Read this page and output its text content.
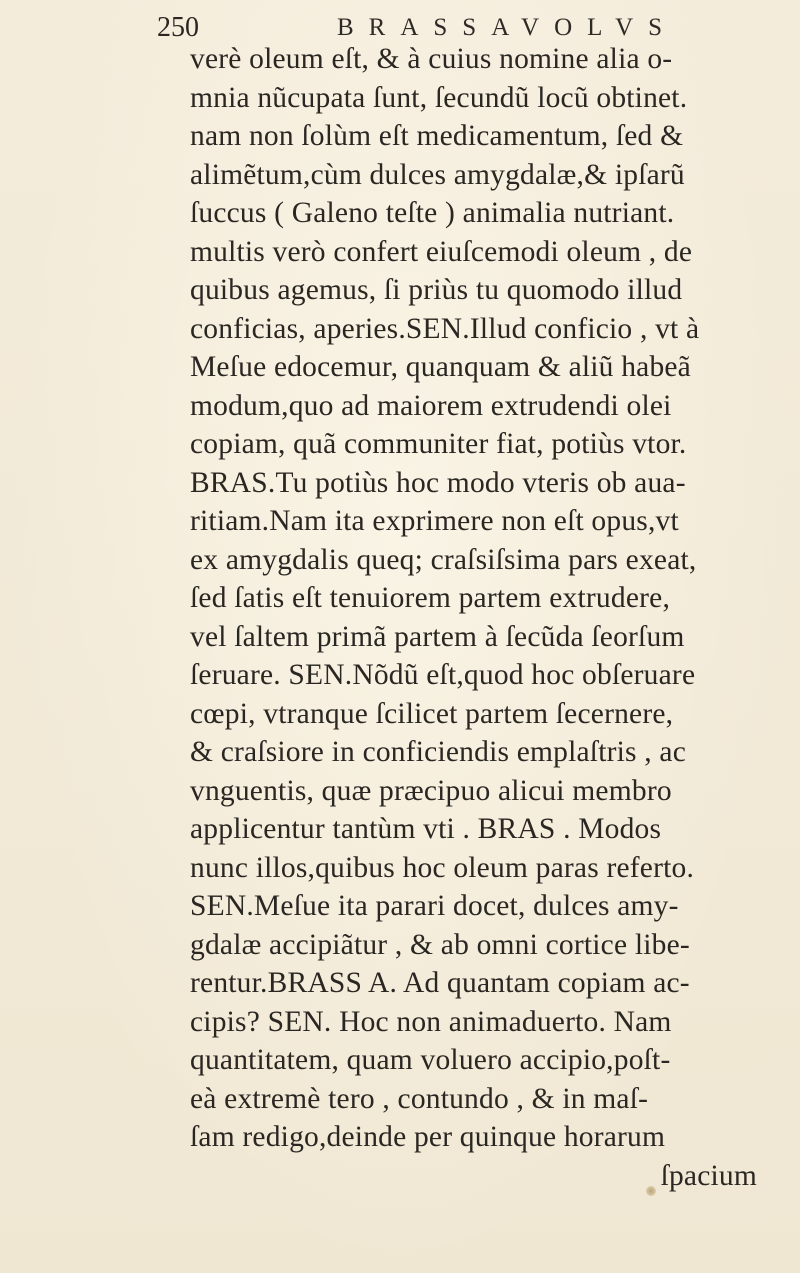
250	BRASSAVOLVS
verè oleum eſt, & à cuius nomine alia o-
mnia nũcupata ſunt, ſecundũ locũ obtinet.
nam non ſolùm eſt medicamentum, ſed &
alimẽtum,cùm dulces amygdalæ,& ipſarũ
ſuccus ( Galeno teſte ) animalia nutriant.
multis verò confert eiuſcemodi oleum , de
quibus agemus, ſi priùs tu quomodo illud
conficias, aperies.SEN.Illud conficio , vt à
Meſue edocemur, quanquam & aliũ habeã
modum,quo ad maiorem extrudendi olei
copiam, quã communiter fiat, potiùs vtor.
BRAS.Tu potiùs hoc modo vteris ob aua-
ritiam.Nam ita exprimere non eſt opus,vt
ex amygdalis queq; craſsiſsima pars exeat,
ſed ſatis eſt tenuiorem partem extrudere,
vel ſaltem primã partem à ſecũda ſeorſum
ſeruare. SEN.Nõdũ eſt,quod hoc obſeruare
cœpi, vtranque ſcilicet partem ſecernere,
& craſsiore in conficiendis emplaſtris , ac
vnguentis, quæ præcipuo alicui membro
applicentur tantùm vti . BRAS . Modos
nunc illos,quibus hoc oleum paras referto.
SEN.Meſue ita parari docet, dulces amy-
gdalæ accipiãtur , & ab omni cortice libe-
rentur.BRASS A. Ad quantam copiam ac-
cipis? SEN. Hoc non animaduerto. Nam
quantitatem, quam voluero accipio,poſt-
eà extremè tero , contundo , & in maſ-
ſam redigo,deinde per quinque horarum
ſpacium
